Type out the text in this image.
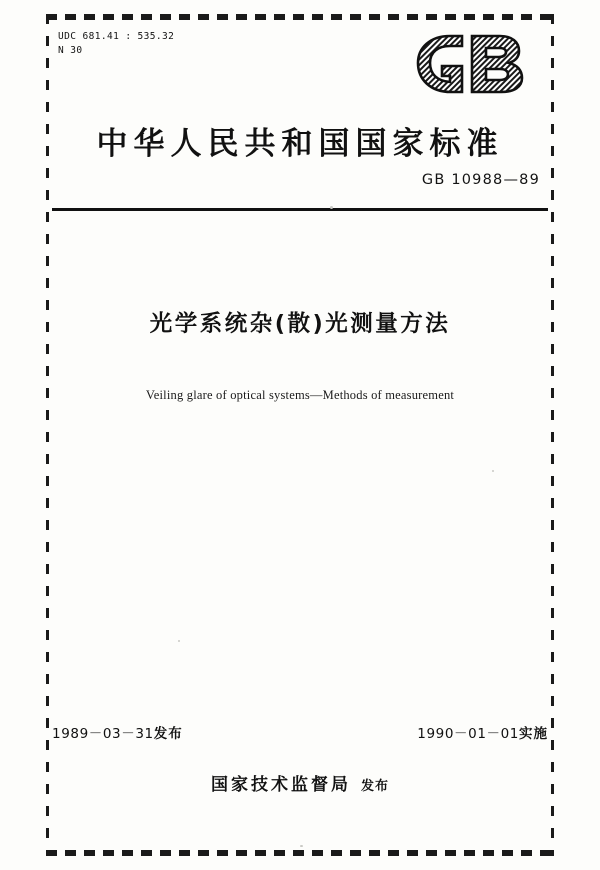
UDC 681.41 : 535.32
N 30
中华人民共和国国家标准
GB 10988—89
光学系统杂(散)光测量方法
Veiling glare of optical systems—Methods of measurement
1989－03－31发布	1990－01－01实施
国家技术监督局 发布
